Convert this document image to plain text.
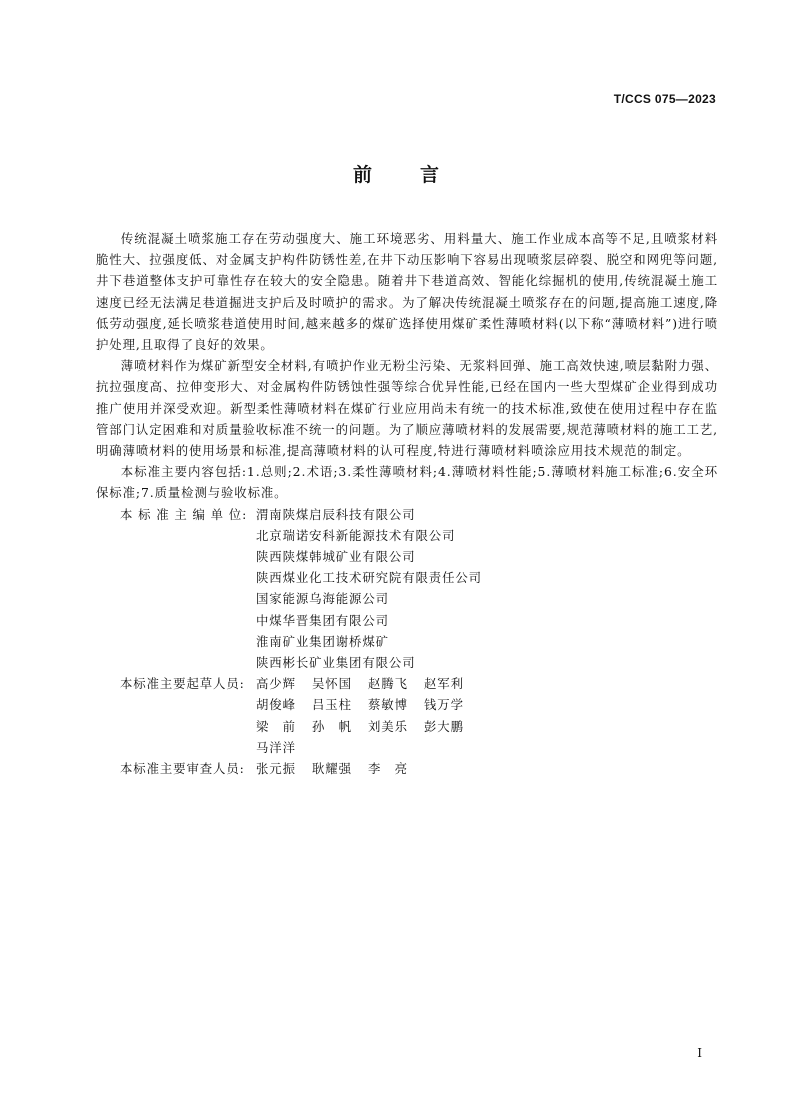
T/CCS 075—2023
前	言

传统混凝土喷浆施工存在劳动强度大、施工环境恶劣、用料量大、施工作业成本高等不足,且喷浆材料脆性大、拉强度低、对金属支护构件防锈性差,在井下动压影响下容易出现喷浆层碎裂、脱空和网兜等问题,井下巷道整体支护可靠性存在较大的安全隐患。随着井下巷道高效、智能化综掘机的使用,传统混凝土施工速度已经无法满足巷道掘进支护后及时喷护的需求。为了解决传统混凝土喷浆存在的问题,提高施工速度,降低劳动强度,延长喷浆巷道使用时间,越来越多的煤矿选择使用煤矿柔性薄喷材料(以下称“薄喷材料”)进行喷护处理,且取得了良好的效果。

薄喷材料作为煤矿新型安全材料,有喷护作业无粉尘污染、无浆料回弹、施工高效快速,喷层黏附力强、抗拉强度高、拉伸变形大、对金属构件防锈蚀性强等综合优异性能,已经在国内一些大型煤矿企业得到成功推广使用并深受欢迎。新型柔性薄喷材料在煤矿行业应用尚未有统一的技术标准,致使在使用过程中存在监管部门认定困难和对质量验收标准不统一的问题。为了顺应薄喷材料的发展需要,规范薄喷材料的施工工艺,明确薄喷材料的使用场景和标准,提高薄喷材料的认可程度,特进行薄喷材料喷涂应用技术规范的制定。

本标准主要内容包括:1.总则;2.术语;3.柔性薄喷材料;4.薄喷材料性能;5.薄喷材料施工标准;6.安全环保标准;7.质量检测与验收标准。

本 标 准 主 编 单 位: 渭南陕煤启辰科技有限公司
北京瑞诺安科新能源技术有限公司
陕西陕煤韩城矿业有限公司
陕西煤业化工技术研究院有限责任公司
国家能源乌海能源公司
中煤华晋集团有限公司
淮南矿业集团谢桥煤矿
陕西彬长矿业集团有限公司
本标准主要起草人员: 高少辉 吴怀国 赵腾飞 赵军利
胡俊峰 吕玉柱 蔡敏博 钱万学
梁　前 孙　帆 刘美乐 彭大鹏
马洋洋
本标准主要审查人员: 张元振 耿耀强 李　亮
I
